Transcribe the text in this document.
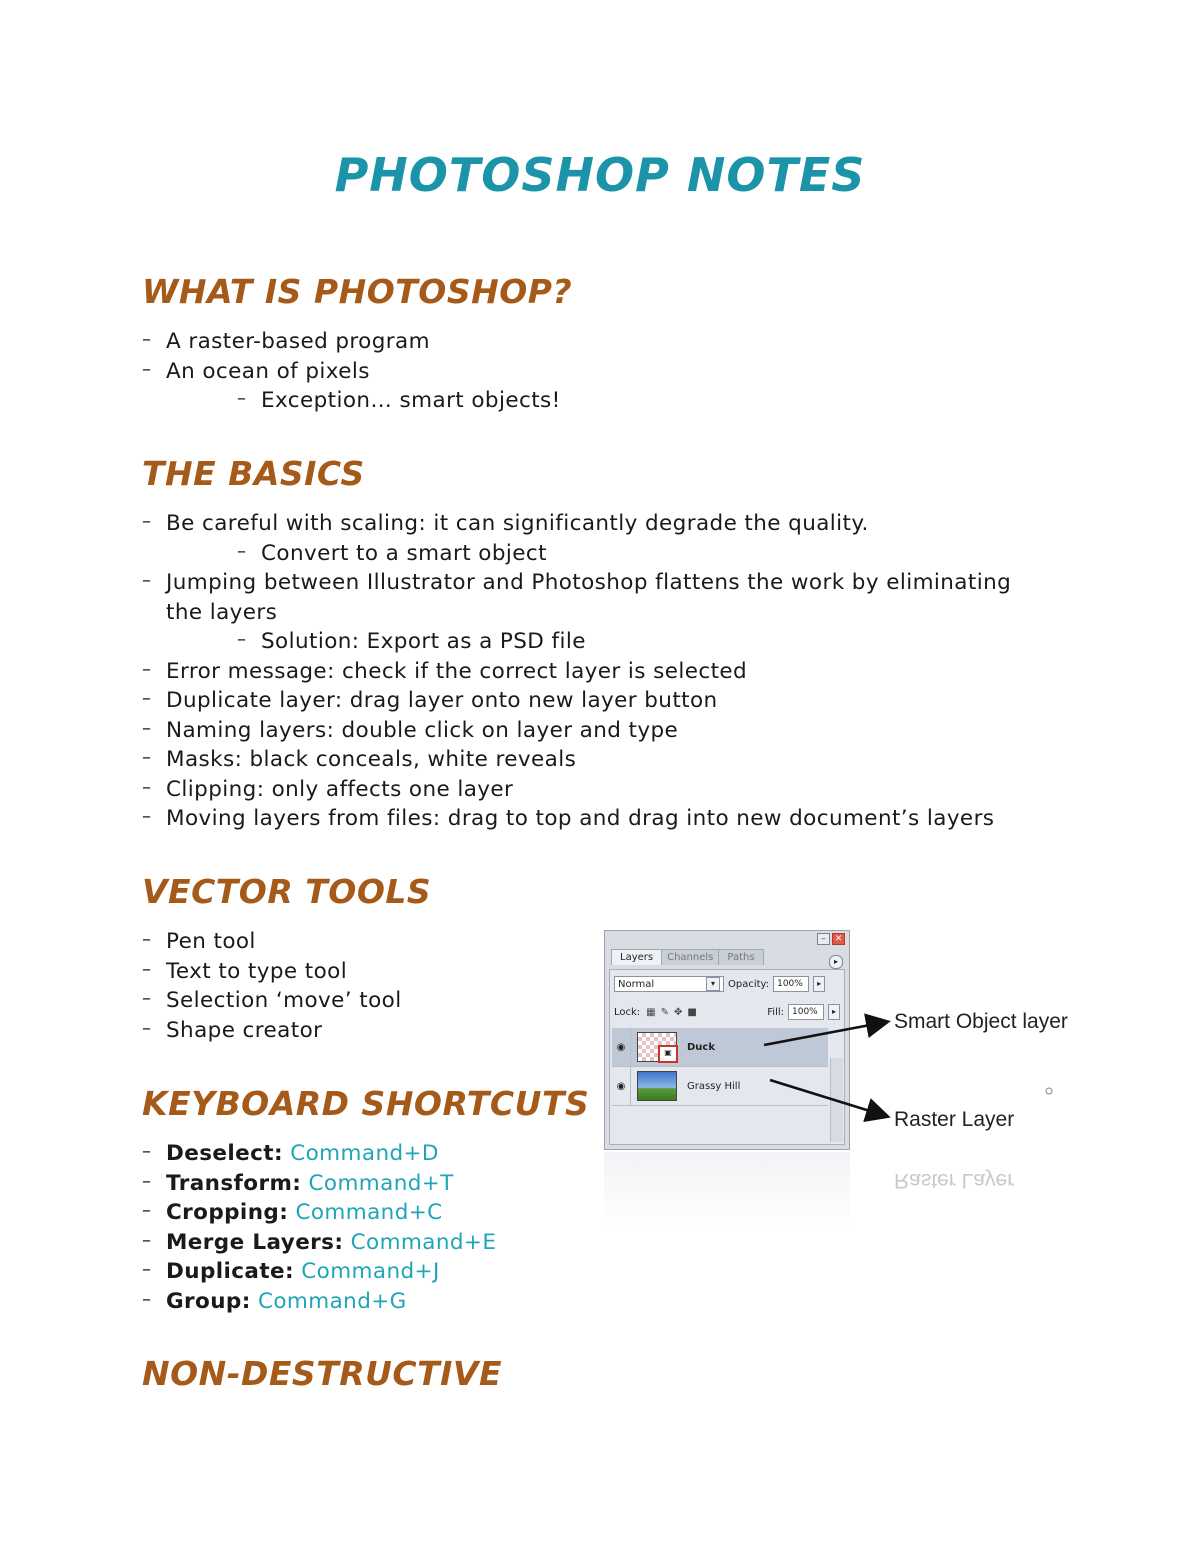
PHOTOSHOP NOTES
WHAT IS PHOTOSHOP?
– A raster-based program
– An ocean of pixels
– Exception… smart objects!
THE BASICS
– Be careful with scaling: it can significantly degrade the quality.
– Convert to a smart object
– Jumping between Illustrator and Photoshop flattens the work by eliminating
the layers
– Solution: Export as a PSD file
– Error message: check if the correct layer is selected
– Duplicate layer: drag layer onto new layer button
– Naming layers: double click on layer and type
– Masks: black conceals, white reveals
– Clipping: only affects one layer
– Moving layers from files: drag to top and drag into new document’s layers
VECTOR TOOLS
– Pen tool
– Text to type tool
– Selection ‘move’ tool
– Shape creator
KEYBOARD SHORTCUTS
– Deselect: Command+D
– Transform: Command+T
– Cropping: Command+C
– Merge Layers: Command+E
– Duplicate: Command+J
– Group: Command+G
NON-DESTRUCTIVE
– ✕
Layers	Channels	Paths	▸
Normal	▾	Opacity: 100%	▸
Lock: ▦ ✎ ✥ ■	Fill: 100%	▸
◉	▣	Duck
◉	Grassy Hill
Smart Object layer
Raster Layer
Raster Layer
